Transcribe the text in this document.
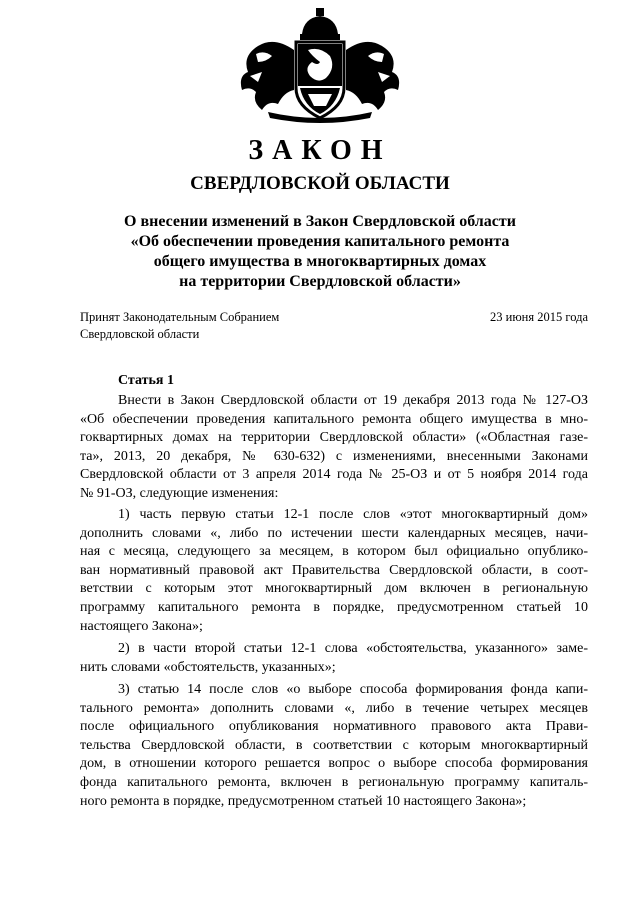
ЗАКОН
СВЕРДЛОВСКОЙ ОБЛАСТИ
О внесении изменений в Закон Свердловской области
«Об обеспечении проведения капитального ремонта
общего имущества в многоквартирных домах
на территории Свердловской области»
Принят Законодательным Собранием
Свердловской области
23 июня 2015 года
Статья 1
Внести в Закон Свердловской области от 19 декабря 2013 года № 127-ОЗ
«Об обеспечении проведения капитального ремонта общего имущества в мно-
гоквартирных домах на территории Свердловской области» («Областная газе-
та», 2013, 20 декабря, № 630-632) с изменениями, внесенными Законами
Свердловской области от 3 апреля 2014 года № 25-ОЗ и от 5 ноября 2014 года
№ 91-ОЗ, следующие изменения:
1) часть первую статьи 12-1 после слов «этот многоквартирный дом»
дополнить словами «, либо по истечении шести календарных месяцев, начи-
ная с месяца, следующего за месяцем, в котором был официально опублико-
ван нормативный правовой акт Правительства Свердловской области, в соот-
ветствии с которым этот многоквартирный дом включен в региональную
программу капитального ремонта в порядке, предусмотренном статьей 10
настоящего Закона»;
2) в части второй статьи 12-1 слова «обстоятельства, указанного» заме-
нить словами «обстоятельств, указанных»;
3) статью 14 после слов «о выборе способа формирования фонда капи-
тального ремонта» дополнить словами «, либо в течение четырех месяцев
после официального опубликования нормативного правового акта Прави-
тельства Свердловской области, в соответствии с которым многоквартирный
дом, в отношении которого решается вопрос о выборе способа формирования
фонда капитального ремонта, включен в региональную программу капиталь-
ного ремонта в порядке, предусмотренном статьей 10 настоящего Закона»;
